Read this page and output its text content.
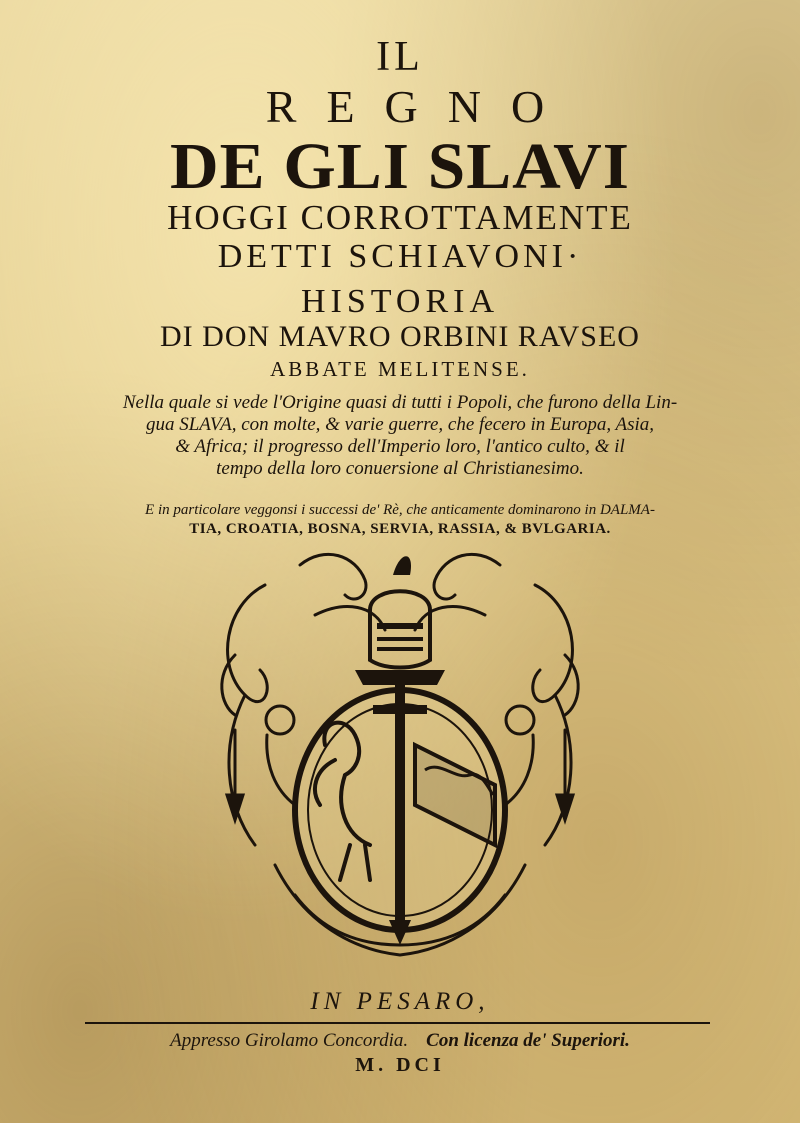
IL
REGNO
DE GLI SLAVI
HOGGI CORROTTAMENTE
DETTI SCHIAVONI·
HISTORIA
DI DON MAVRO ORBINI RAVSEO
ABBATE MELITENSE.
Nella quale si vede l'Origine quasi di tutti i Popoli, che furono della Lin-
gua SLAVA, con molte, & varie guerre, che fecero in Europa, Asia,
& Africa; il progresso dell'Imperio loro, l'antico culto, & il
tempo della loro conuersione al Christianesimo.
E in particolare veggonsi i successi de' Rè, che anticamente dominarono in DALMA-
TIA, CROATIA, BOSNA, SERVIA, RASSIA, & BVLGARIA.
IN PESARO,
Appresso Girolamo Concordia. Con licenza de' Superiori.
M. DCI
